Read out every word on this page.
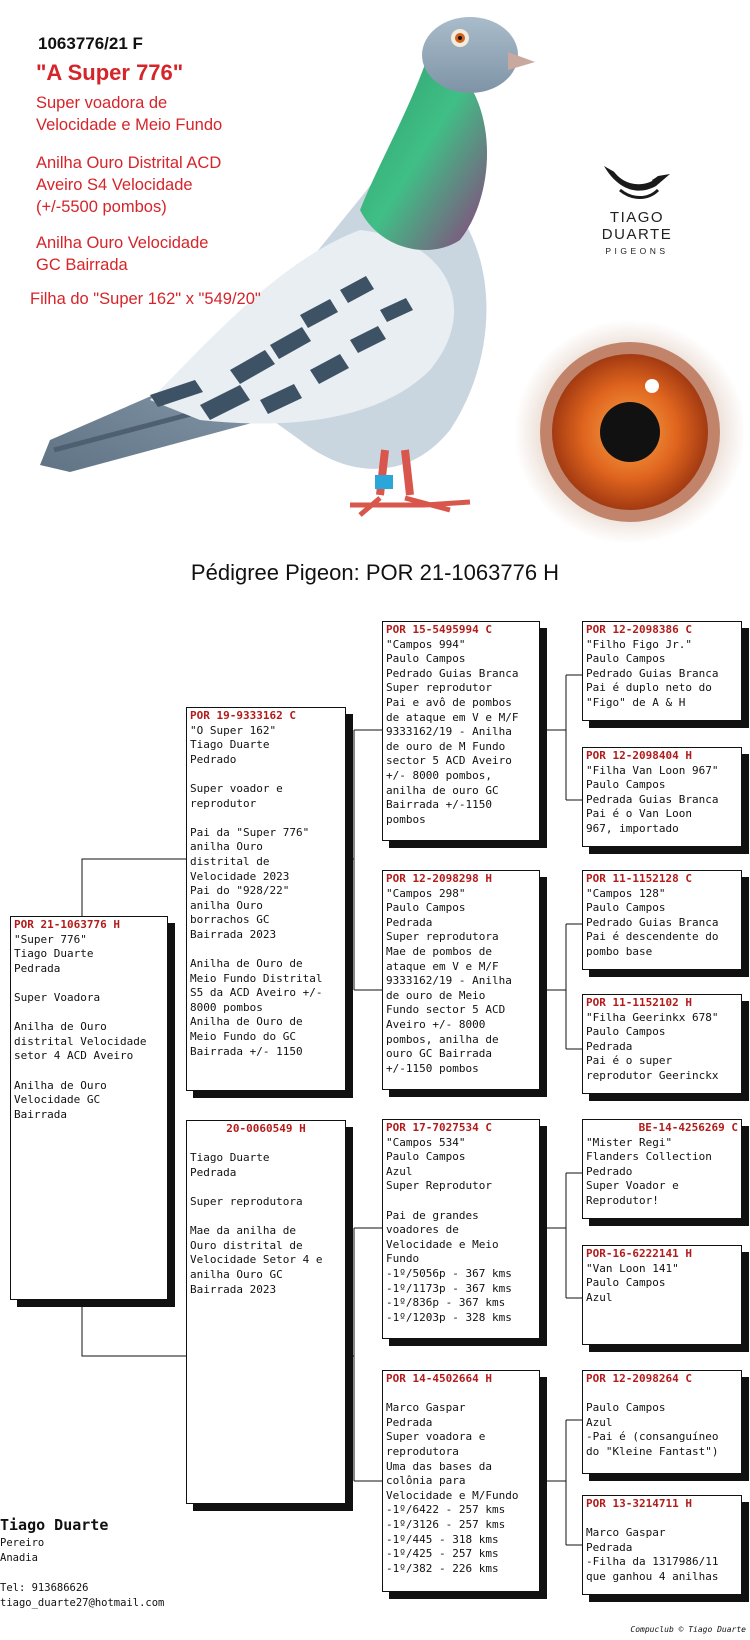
1063776/21 F
"A Super 776"
Super voadora de
Velocidade e Meio Fundo
Anilha Ouro Distrital ACD
Aveiro S4 Velocidade
(+/-5500 pombos)
Anilha Ouro Velocidade
GC Bairrada
Filha do "Super 162" x "549/20"
TIAGO DUARTE
PIGEONS
Pédigree Pigeon: POR 21-1063776 H
POR 21-1063776 H
"Super 776"
Tiago Duarte
Pedrada

Super Voadora

Anilha de Ouro
distrital Velocidade
setor 4 ACD Aveiro

Anilha de Ouro
Velocidade GC
Bairrada
POR 19-9333162 C
"O Super 162"
Tiago Duarte
Pedrado

Super voador e
reprodutor

Pai da "Super 776"
anilha Ouro
distrital de
Velocidade 2023
Pai do "928/22"
anilha Ouro
borrachos GC
Bairrada 2023

Anilha de Ouro de
Meio Fundo Distrital
S5 da ACD Aveiro +/-
8000 pombos
Anilha de Ouro de
Meio Fundo do GC
Bairrada +/- 1150
20-0060549 H

Tiago Duarte
Pedrada

Super reprodutora

Mae da anilha de
Ouro distrital de
Velocidade Setor 4 e
anilha Ouro GC
Bairrada 2023
POR 15-5495994 C
"Campos 994"
Paulo Campos
Pedrado Guias Branca
Super reprodutor
Pai e avô de pombos
de ataque em V e M/F
9333162/19 - Anilha
de ouro de M Fundo
sector 5 ACD Aveiro
+/- 8000 pombos,
anilha de ouro GC
Bairrada +/-1150
pombos
POR 12-2098298 H
"Campos 298"
Paulo Campos
Pedrada
Super reprodutora
Mae de pombos de
ataque em V e M/F
9333162/19 - Anilha
de ouro de Meio
Fundo sector 5 ACD
Aveiro +/- 8000
pombos, anilha de
ouro GC Bairrada
+/-1150 pombos
POR 17-7027534 C
"Campos 534"
Paulo Campos
Azul
Super Reprodutor

Pai de grandes
voadores de
Velocidade e Meio
Fundo
-1º/5056p - 367 kms
-1º/1173p - 367 kms
-1º/836p - 367 kms
-1º/1203p - 328 kms
POR 14-4502664 H

Marco Gaspar
Pedrada
Super voadora e
reprodutora
Uma das bases da
colônia para
Velocidade e M/Fundo
-1º/6422 - 257 kms
-1º/3126 - 257 kms
-1º/445 - 318 kms
-1º/425 - 257 kms
-1º/382 - 226 kms
POR 12-2098386 C
"Filho Figo Jr."
Paulo Campos
Pedrado Guias Branca
Pai é duplo neto do
"Figo" de A & H
POR 12-2098404 H
"Filha Van Loon 967"
Paulo Campos
Pedrada Guias Branca
Pai é o Van Loon
967, importado
POR 11-1152128 C
"Campos 128"
Paulo Campos
Pedrado Guias Branca
Pai é descendente do
pombo base
POR 11-1152102 H
"Filha Geerinkx 678"
Paulo Campos
Pedrada
Pai é o super
reprodutor Geerinckx
BE-14-4256269 C
"Mister Regi"
Flanders Collection
Pedrado
Super Voador e
Reprodutor!
POR-16-6222141 H
"Van Loon 141"
Paulo Campos
Azul
POR 12-2098264 C

Paulo Campos
Azul
-Pai é (consanguíneo
do "Kleine Fantast")
POR 13-3214711 H

Marco Gaspar
Pedrada
-Filha da 1317986/11
que ganhou 4 anilhas
Tiago Duarte
Pereiro
Anadia
Tel: 913686626
tiago_duarte27@hotmail.com
Compuclub © Tiago Duarte
